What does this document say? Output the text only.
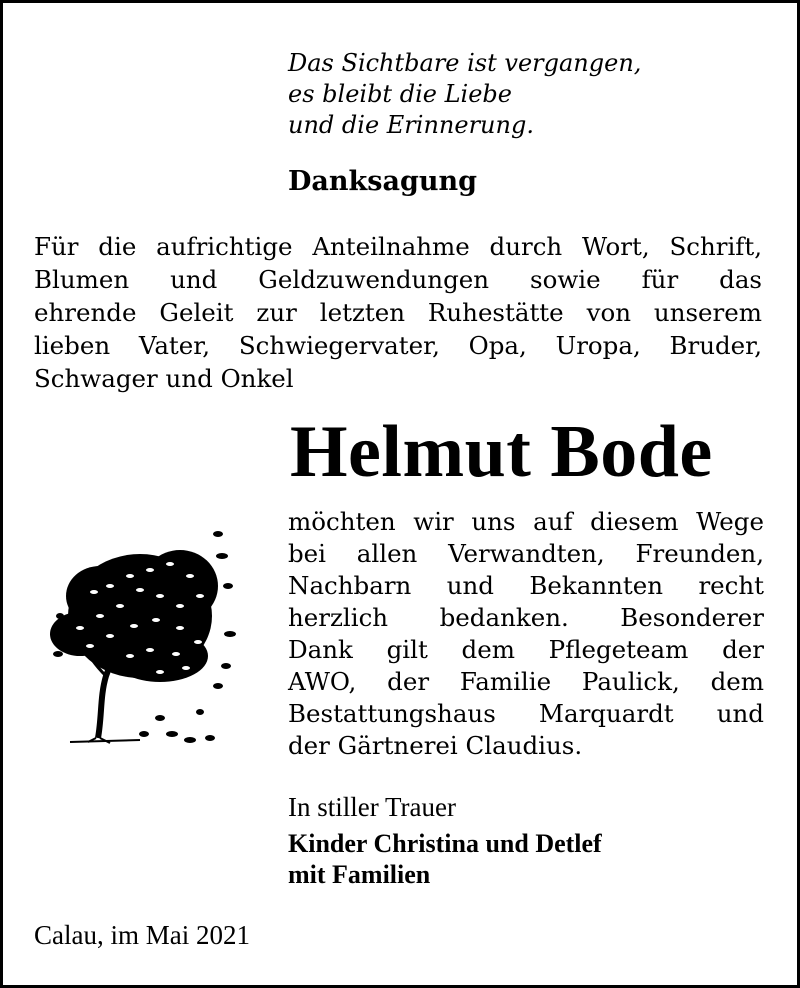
Das Sichtbare ist vergangen,
es bleibt die Liebe
und die Erinnerung.
Danksagung

Für die aufrichtige Anteilnahme durch Wort, Schrift,
Blumen und Geldzuwendungen sowie für das
ehrende Geleit zur letzten Ruhestätte von unserem
lieben Vater, Schwiegervater, Opa, Uropa, Bruder,
Schwager und Onkel

Helmut Bode

möchten wir uns auf diesem Wege
bei allen Verwandten, Freunden,
Nachbarn und Bekannten recht
herzlich bedanken. Besonderer
Dank gilt dem Pflegeteam der
AWO, der Familie Paulick, dem
Bestattungshaus Marquardt und
der Gärtnerei Claudius.

In stiller Trauer
Kinder Christina und Detlef
mit Familien
Calau, im Mai 2021
